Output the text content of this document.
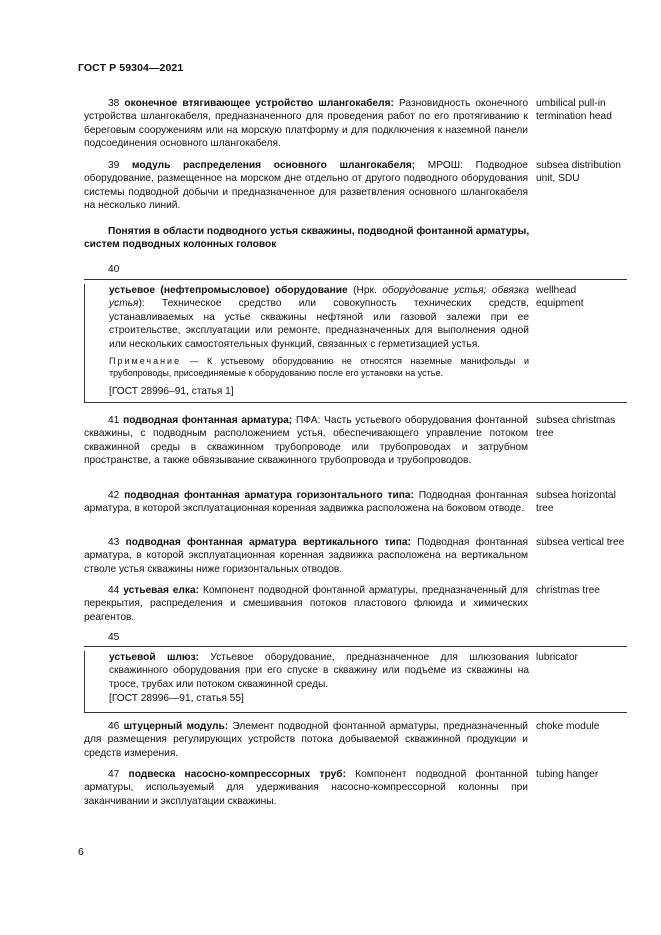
ГОСТ Р 59304—2021
38 оконечное втягивающее устройство шлангокабеля: Разновидность оконечного устройства шлангокабеля, предназначенного для проведения работ по его протягиванию к береговым сооружениям или на морскую платформу и для подключения к наземной панели подсоединения основного шлангокабеля.
umbilical pull-in termination head
39 модуль распределения основного шлангокабеля; МРОШ: Подводное оборудование, размещенное на морском дне отдельно от другого подводного оборудования системы подводной добычи и предназначенное для разветвления основного шлангокабеля на несколько линий.
subsea distribution unit, SDU
Понятия в области подводного устья скважины, подводной фонтанной арматуры, систем подводных колонных головок
40
устьевое (нефтепромысловое) оборудование (Нрк. оборудование устья; обвязка устья): Техническое средство или совокупность технических средств, устанавливаемых на устье скважины нефтяной или газовой залежи при ее строительстве, эксплуатации или ремонте, предназначенных для выполнения одной или нескольких самостоятельных функций, связанных с герметизацией устья.
Примечание — К устьевому оборудованию не относятся наземные манифольды и трубопроводы, присоединяемые к оборудованию после его установки на устье.
[ГОСТ 28996–91, статья 1]
wellhead equipment
41 подводная фонтанная арматура; ПФА: Часть устьевого оборудования фонтанной скважины, с подводным расположением устья, обеспечивающего управление потоком скважинной среды в скважинном трубопроводе или трубопроводах и затрубном пространстве, а также обвязывание скважинного трубопровода и трубопроводов.
subsea christmas tree
42 подводная фонтанная арматура горизонтального типа: Подводная фонтанная арматура, в которой эксплуатационная коренная задвижка расположена на боковом отводе.
subsea horizontal tree
43 подводная фонтанная арматура вертикального типа: Подводная фонтанная арматура, в которой эксплуатационная коренная задвижка расположена на вертикальном стволе устья скважины ниже горизонтальных отводов.
subsea vertical tree
44 устьевая елка: Компонент подводной фонтанной арматуры, предназначенный для перекрытия, распределения и смешивания потоков пластового флюида и химических реагентов.
christmas tree
45
устьевой шлюз: Устьевое оборудование, предназначенное для шлюзования скважинного оборудования при его спуске в скважину или подъеме из скважины на тросе, трубах или потоком скважинной среды.
[ГОСТ 28996—91, статья 55]
lubricator
46 штуцерный модуль: Элемент подводной фонтанной арматуры, предназначенный для размещения регулирующих устройств потока добываемой скважинной продукции и средств измерения.
choke module
47 подвеска насосно-компрессорных труб: Компонент подводной фонтанной арматуры, используемый для удерживания насосно-компрессорной колонны при заканчивании и эксплуатации скважины.
tubing hanger
6
